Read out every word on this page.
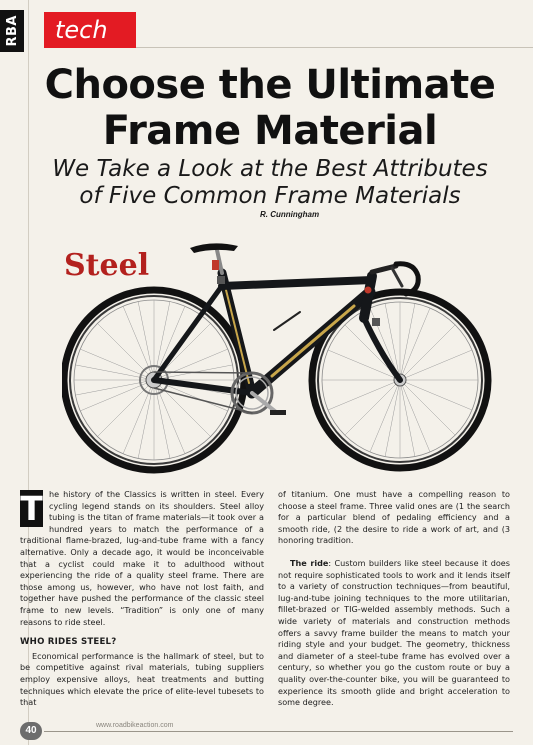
RBA tech
Choose the Ultimate
Frame Material
We Take a Look at the Best Attributes
of Five Common Frame Materials
R. Cunningham
Steel

T he history of the Classics is written in steel. Every cycling legend stands on its shoulders. Steel alloy tubing is the titan of frame materials—it took over a hundred years to match the performance of a traditional flame-brazed, lug-and-tube frame with a fancy alternative. Only a decade ago, it would be inconceivable that a cyclist could make it to adulthood without experiencing the ride of a quality steel frame. There are those among us, however, who have not lost faith, and together have pushed the performance of the classic steel frame to new levels. “Tradition” is only one of many reasons to ride steel.

WHO RIDES STEEL?

Economical performance is the hallmark of steel, but to be competitive against rival materials, tubing suppliers employ expensive alloys, heat treatments and butting techniques which elevate the price of elite-level tubesets to that

of titanium. One must have a compelling reason to choose a steel frame. Three valid ones are (1 the search for a particular blend of pedaling efficiency and a smooth ride, (2 the desire to ride a work of art, and (3 honoring tradition.

The ride: Custom builders like steel because it does not require sophisticated tools to work and it lends itself to a variety of construction techniques—from beautiful, lug-and-tube joining techniques to the more utilitarian, fillet-brazed or TIG-welded assembly methods. Such a wide variety of materials and construction methods offers a savvy frame builder the means to match your riding style and your budget. The geometry, thickness and diameter of a steel-tube frame has evolved over a century, so whether you go the custom route or buy a quality over-the-counter bike, you will be guaranteed to experience its smooth glide and bright acceleration to some degree.

40	www.roadbikeaction.com
